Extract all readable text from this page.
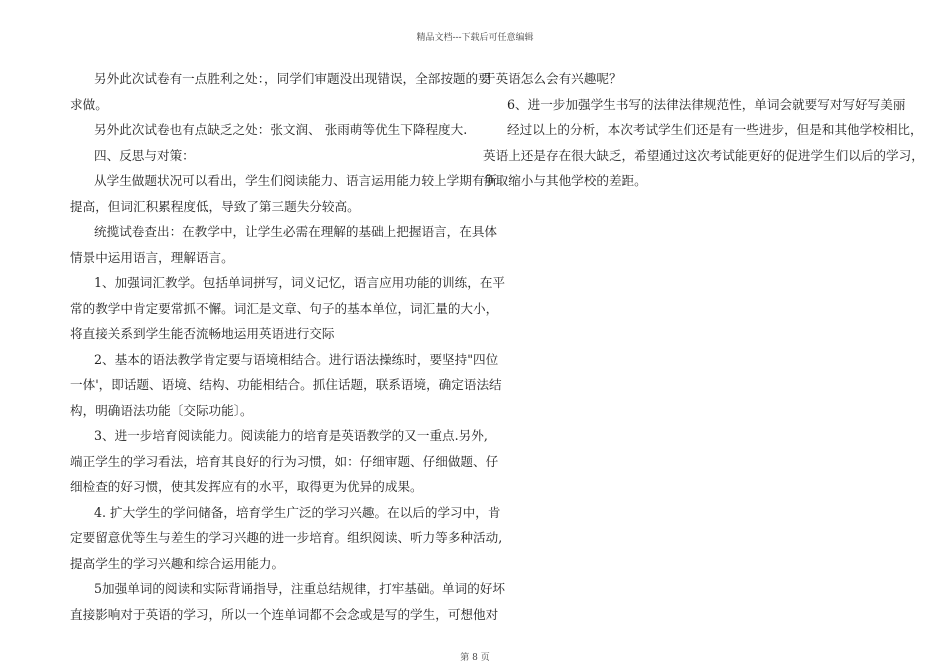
精品文档---下载后可任意编辑

另外此次试卷有一点胜利之处：，同学们审题没出现错误，全部按题的要

求做。

另外此次试卷也有点缺乏之处：张文润、 张雨萌等优生下降程度大.

四、反思与对策：

从学生做题状况可以看出，学生们阅读能力、语言运用能力较上学期有所

提高，但词汇积累程度低，导致了第三题失分较高。

统揽试卷查出：在教学中，让学生必需在理解的基础上把握语言，在具体

情景中运用语言，理解语言。

1、加强词汇教学。包括单词拼写，词义记忆，语言应用功能的训练，在平

常的教学中肯定要常抓不懈。词汇是文章、句子的基本单位，词汇量的大小，

将直接关系到学生能否流畅地运用英语进行交际

2、基本的语法教学肯定要与语境相结合。进行语法操练时，要坚持"四位

一体'，即话题、语境、结构、功能相结合。抓住话题，联系语境，确定语法结

构，明确语法功能〔交际功能〕。

3、进一步培育阅读能力。阅读能力的培育是英语教学的又一重点.另外,

端正学生的学习看法，培育其良好的行为习惯，如：仔细审题、仔细做题、仔

细检查的好习惯，使其发挥应有的水平，取得更为优异的成果。

4. 扩大学生的学问储备，培育学生广泛的学习兴趣。在以后的学习中，肯

定要留意优等生与差生的学习兴趣的进一步培育。组织阅读、听力等多种活动,

提高学生的学习兴趣和综合运用能力。

5加强单词的阅读和实际背诵指导，注重总结规律，打牢基础。单词的好坏

直接影响对于英语的学习，所以一个连单词都不会念或是写的学生，可想他对

于英语怎么会有兴趣呢？

6、进一步加强学生书写的法律法律规范性，单词会就要写对写好写美丽

经过以上的分析，本次考试学生们还是有一些进步，但是和其他学校相比，

英语上还是存在很大缺乏，希望通过这次考试能更好的促进学生们以后的学习，

争取缩小与其他学校的差距。

第 8 页
